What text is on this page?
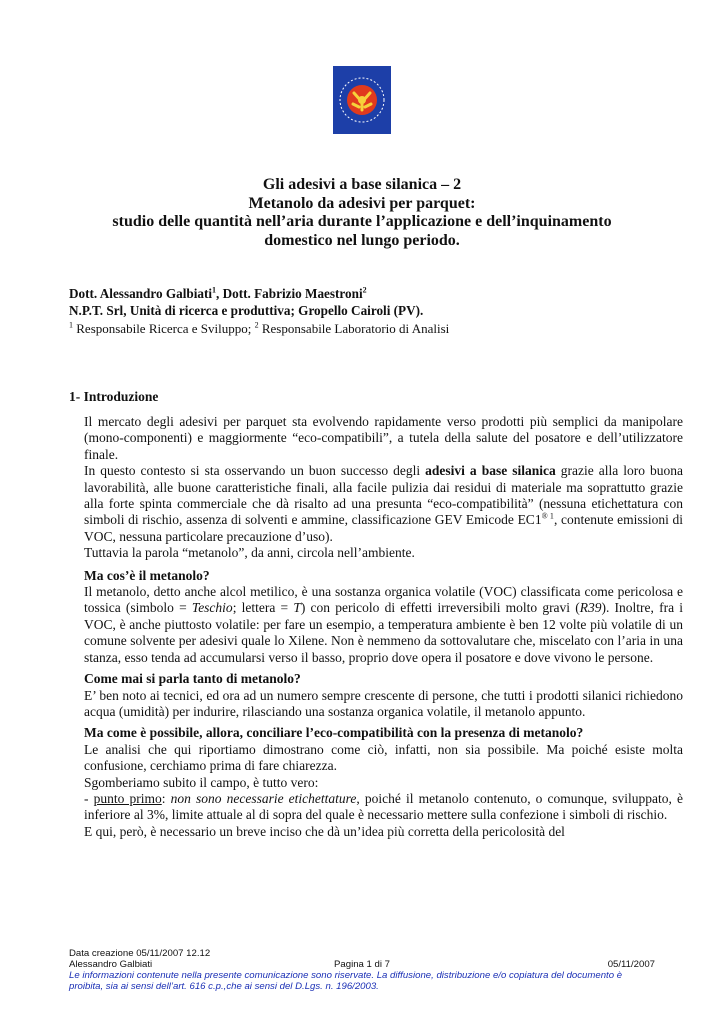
Gli adesivi a base silanica – 2
Metanolo da adesivi per parquet:
studio delle quantità nell’aria durante l’applicazione e dell’inquinamento
domestico nel lungo periodo.
Dott. Alessandro Galbiati$^1$, Dott. Fabrizio Maestroni$^2$
N.P.T. Srl, Unità di ricerca e produttiva; Gropello Cairoli (PV).
$^1$ Responsabile Ricerca e Sviluppo; $^2$ Responsabile Laboratorio di Analisi
1- Introduzione

Il mercato degli adesivi per parquet sta evolvendo rapidamente verso prodotti più semplici da manipolare (mono-componenti) e maggiormente “eco-compatibili”, a tutela della salute del posatore e dell’utilizzatore finale.

In questo contesto si sta osservando un buon successo degli adesivi a base silanica grazie alla loro buona lavorabilità, alle buone caratteristiche finali, alla facile pulizia dai residui di materiale ma soprattutto grazie alla forte spinta commerciale che dà risalto ad una presunta “eco-compatibilità” (nessuna etichettatura con simboli di rischio, assenza di solventi e ammine, classificazione GEV Emicode $EC1^{® 1}$, contenute emissioni di VOC, nessuna particolare precauzione d’uso).

Tuttavia la parola “metanolo”, da anni, circola nell’ambiente.

Ma cos’è il metanolo?

Il metanolo, detto anche alcol metilico, è una sostanza organica volatile (VOC) classificata come pericolosa e tossica (simbolo = Teschio; lettera = T) con pericolo di effetti irreversibili molto gravi (R39). Inoltre, fra i VOC, è anche piuttosto volatile: per fare un esempio, a temperatura ambiente è ben 12 volte più volatile di un comune solvente per adesivi quale lo Xilene. Non è nemmeno da sottovalutare che, miscelato con l’aria in una stanza, esso tenda ad accumularsi verso il basso, proprio dove opera il posatore e dove vivono le persone.

Come mai si parla tanto di metanolo?

E’ ben noto ai tecnici, ed ora ad un numero sempre crescente di persone, che tutti i prodotti silanici richiedono acqua (umidità) per indurire, rilasciando una sostanza organica volatile, il metanolo appunto.

Ma come è possibile, allora, conciliare l’eco-compatibilità con la presenza di metanolo?

Le analisi che qui riportiamo dimostrano come ciò, infatti, non sia possibile. Ma poiché esiste molta confusione, cerchiamo prima di fare chiarezza.

Sgomberiamo subito il campo, è tutto vero:

- punto primo: non sono necessarie etichettature, poiché il metanolo contenuto, o comunque, sviluppato, è inferiore al 3%, limite attuale al di sopra del quale è necessario mettere sulla confezione i simboli di rischio.

E qui, però, è necessario un breve inciso che dà un’idea più corretta della pericolosità del

Data creazione 05/11/2007 12.12
Alessandro Galbiati	Pagina 1 di 7	05/11/2007
Le informazioni contenute nella presente comunicazione sono riservate. La diffusione, distribuzione e/o copiatura del documento è proibita, sia ai sensi dell’art. 616 c.p.,che ai sensi del D.Lgs. n. 196/2003.
